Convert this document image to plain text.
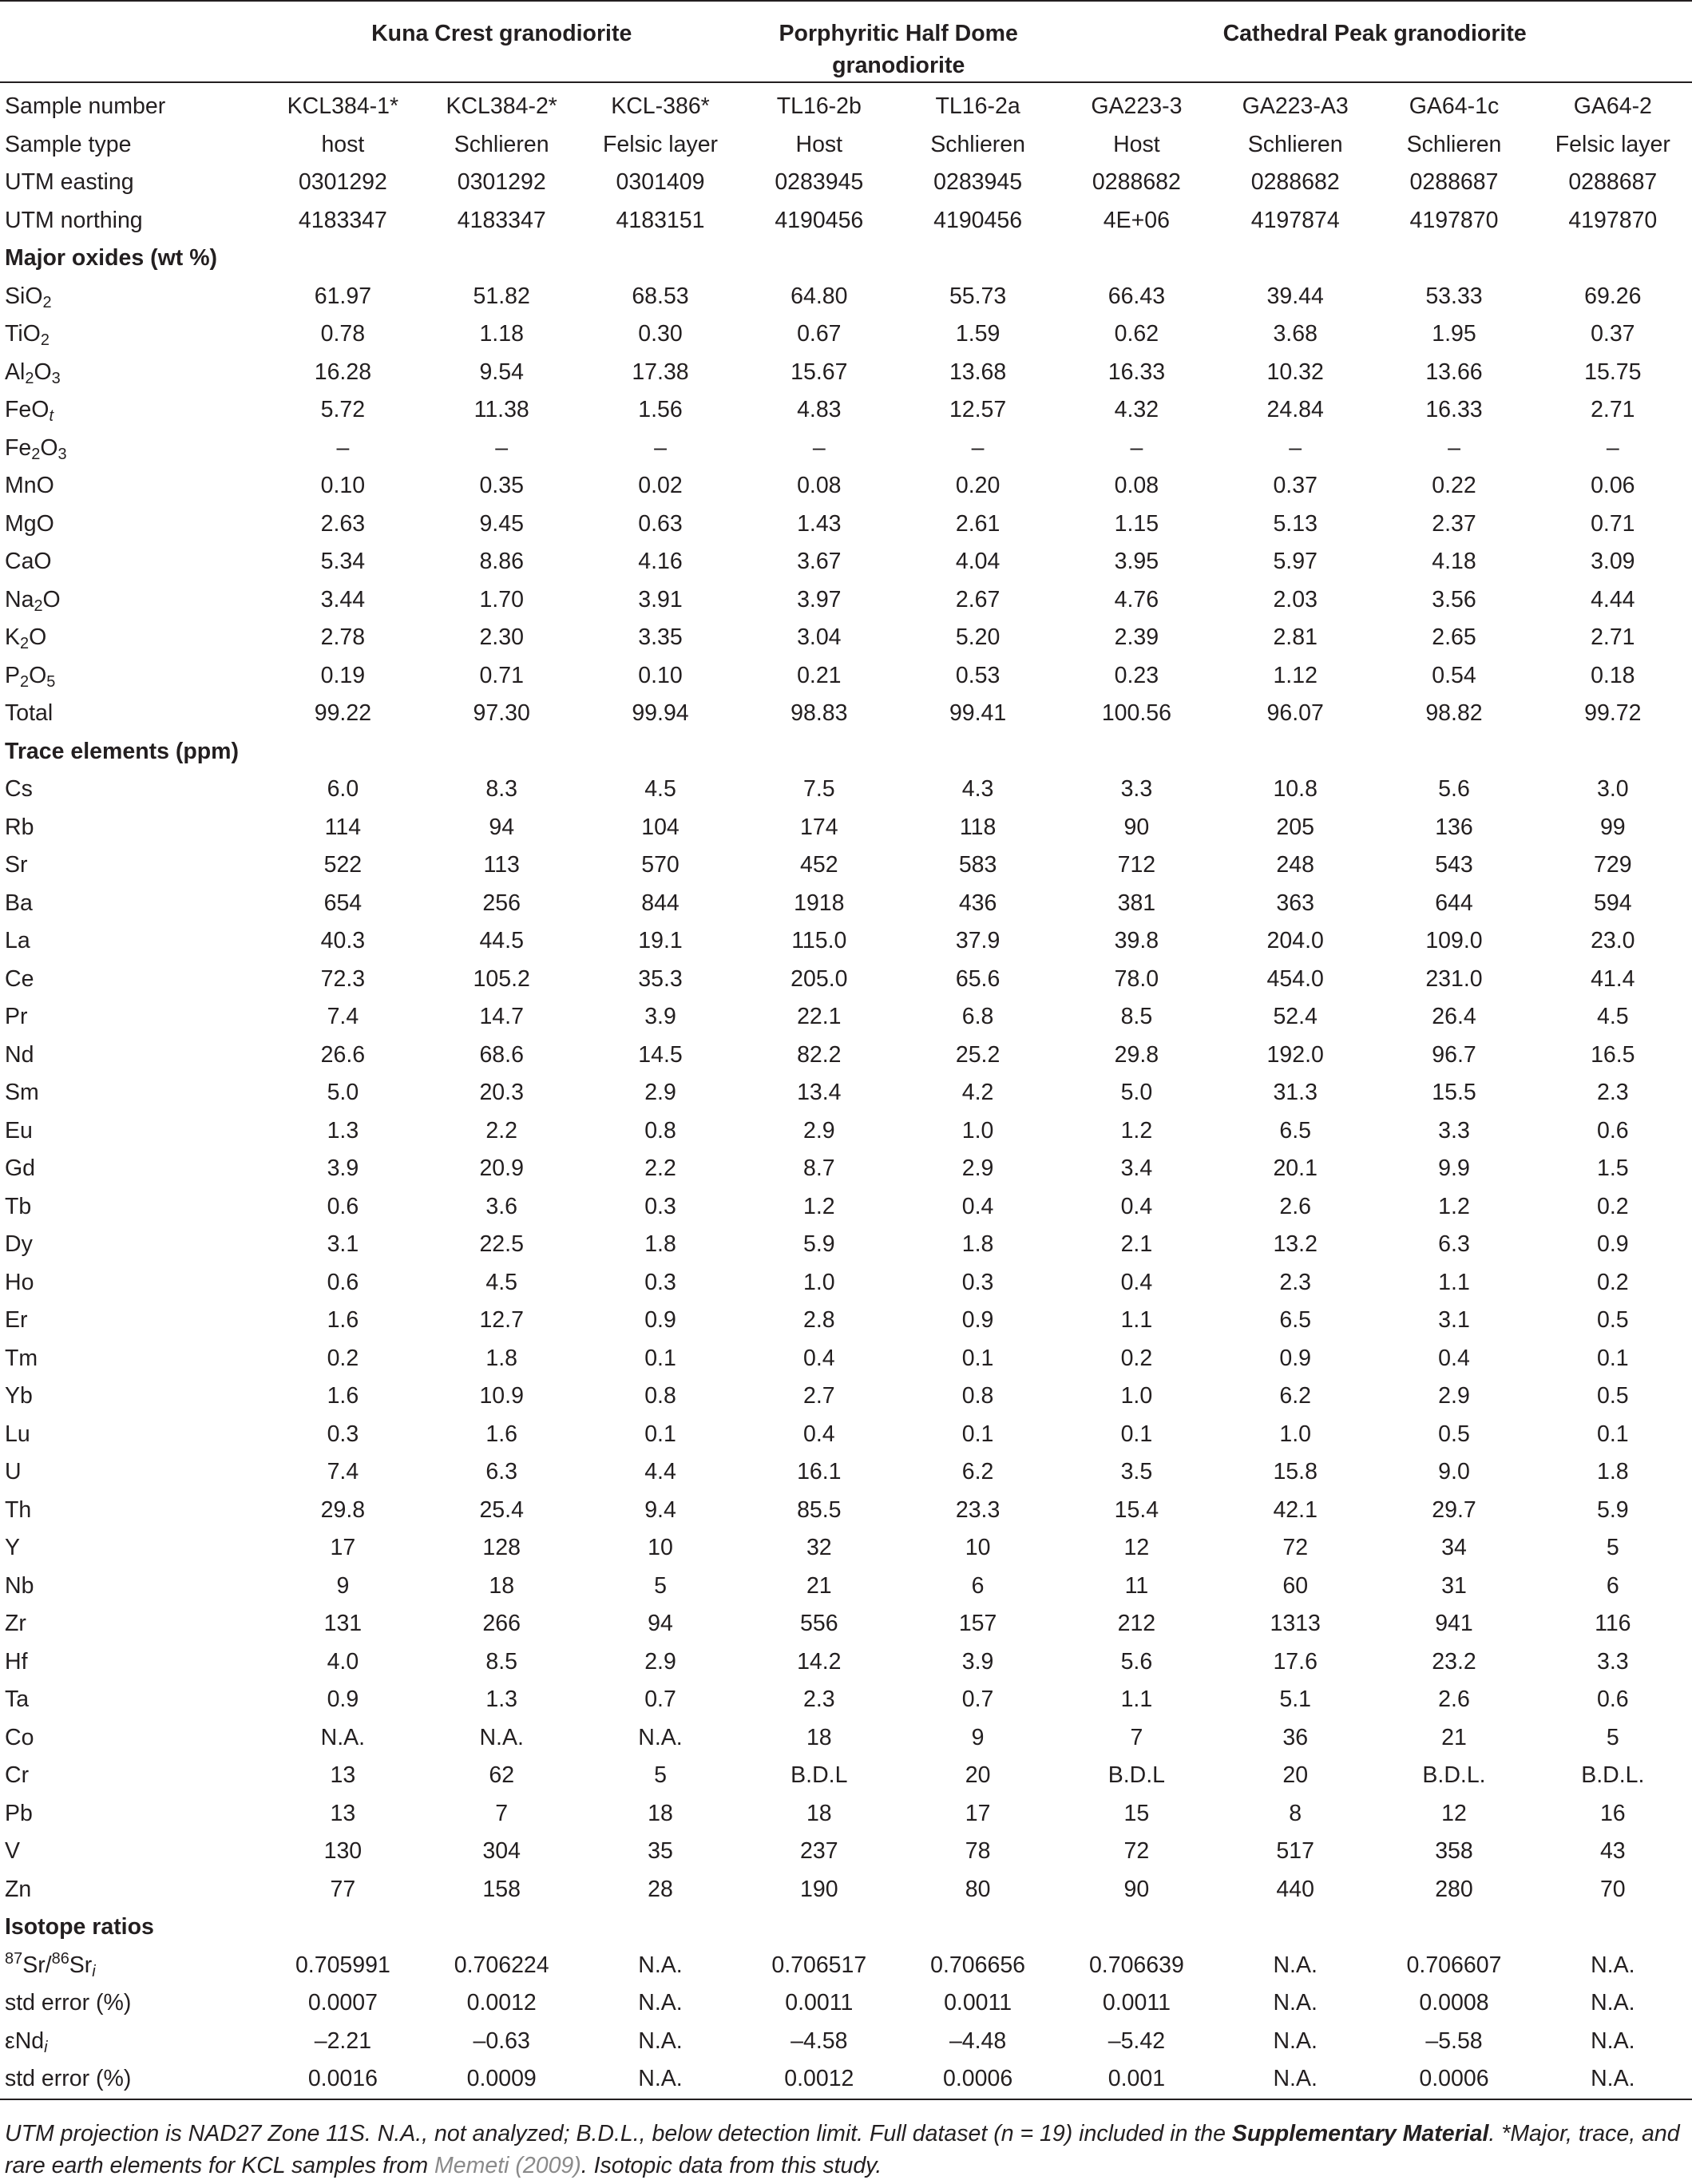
	Kuna Crest granodiorite			Porphyritic Half Dome
granodiorite		Cathedral Peak granodiorite			

Sample number	KCL384-1*	KCL384-2*	KCL-386*	TL16-2b	TL16-2a	GA223-3	GA223-A3	GA64-1c	GA64-2
Sample type	host	Schlieren	Felsic layer	Host	Schlieren	Host	Schlieren	Schlieren	Felsic layer
UTM easting	0301292	0301292	0301409	0283945	0283945	0288682	0288682	0288687	0288687
UTM northing	4183347	4183347	4183151	4190456	4190456	4E+06	4197874	4197870	4197870
Major oxides (wt %)									
SiO$_2$	61.97	51.82	68.53	64.80	55.73	66.43	39.44	53.33	69.26
TiO$_2$	0.78	1.18	0.30	0.67	1.59	0.62	3.68	1.95	0.37
$Al_2O_3$	16.28	9.54	17.38	15.67	13.68	16.33	10.32	13.66	15.75
FeO$_t$	5.72	11.38	1.56	4.83	12.57	4.32	24.84	16.33	2.71
$Fe_2O_3$	–	–	–	–	–	–	–	–	–
MnO	0.10	0.35	0.02	0.08	0.20	0.08	0.37	0.22	0.06
MgO	2.63	9.45	0.63	1.43	2.61	1.15	5.13	2.37	0.71
CaO	5.34	8.86	4.16	3.67	4.04	3.95	5.97	4.18	3.09
$Na_2O$	3.44	1.70	3.91	3.97	2.67	4.76	2.03	3.56	4.44
$K_2O$	2.78	2.30	3.35	3.04	5.20	2.39	2.81	2.65	2.71
$P_2O_5$	0.19	0.71	0.10	0.21	0.53	0.23	1.12	0.54	0.18
Total	99.22	97.30	99.94	98.83	99.41	100.56	96.07	98.82	99.72
Trace elements (ppm)									
Cs	6.0	8.3	4.5	7.5	4.3	3.3	10.8	5.6	3.0
Rb	114	94	104	174	118	90	205	136	99
Sr	522	113	570	452	583	712	248	543	729
Ba	654	256	844	1918	436	381	363	644	594
La	40.3	44.5	19.1	115.0	37.9	39.8	204.0	109.0	23.0
Ce	72.3	105.2	35.3	205.0	65.6	78.0	454.0	231.0	41.4
Pr	7.4	14.7	3.9	22.1	6.8	8.5	52.4	26.4	4.5
Nd	26.6	68.6	14.5	82.2	25.2	29.8	192.0	96.7	16.5
Sm	5.0	20.3	2.9	13.4	4.2	5.0	31.3	15.5	2.3
Eu	1.3	2.2	0.8	2.9	1.0	1.2	6.5	3.3	0.6
Gd	3.9	20.9	2.2	8.7	2.9	3.4	20.1	9.9	1.5
Tb	0.6	3.6	0.3	1.2	0.4	0.4	2.6	1.2	0.2
Dy	3.1	22.5	1.8	5.9	1.8	2.1	13.2	6.3	0.9
Ho	0.6	4.5	0.3	1.0	0.3	0.4	2.3	1.1	0.2
Er	1.6	12.7	0.9	2.8	0.9	1.1	6.5	3.1	0.5
Tm	0.2	1.8	0.1	0.4	0.1	0.2	0.9	0.4	0.1
Yb	1.6	10.9	0.8	2.7	0.8	1.0	6.2	2.9	0.5
Lu	0.3	1.6	0.1	0.4	0.1	0.1	1.0	0.5	0.1
U	7.4	6.3	4.4	16.1	6.2	3.5	15.8	9.0	1.8
Th	29.8	25.4	9.4	85.5	23.3	15.4	42.1	29.7	5.9
Y	17	128	10	32	10	12	72	34	5
Nb	9	18	5	21	6	11	60	31	6
Zr	131	266	94	556	157	212	1313	941	116
Hf	4.0	8.5	2.9	14.2	3.9	5.6	17.6	23.2	3.3
Ta	0.9	1.3	0.7	2.3	0.7	1.1	5.1	2.6	0.6
Co	N.A.	N.A.	N.A.	18	9	7	36	21	5
Cr	13	62	5	B.D.L	20	B.D.L	20	B.D.L.	B.D.L.
Pb	13	7	18	18	17	15	8	12	16
V	130	304	35	237	78	72	517	358	43
Zn	77	158	28	190	80	90	440	280	70
Isotope ratios									
$^{87}Sr/^{86}Sr_i$	0.705991	0.706224	N.A.	0.706517	0.706656	0.706639	N.A.	0.706607	N.A.
std error (%)	0.0007	0.0012	N.A.	0.0011	0.0011	0.0011	N.A.	0.0008	N.A.
εNd$_i$	–2.21	–0.63	N.A.	–4.58	–4.48	–5.42	N.A.	–5.58	N.A.
std error (%)	0.0016	0.0009	N.A.	0.0012	0.0006	0.001	N.A.	0.0006	N.A.
UTM projection is NAD27 Zone 11S. N.A., not analyzed; B.D.L., below detection limit. Full dataset (n = 19) included in the Supplementary Material. *Major, trace, and
rare earth elements for KCL samples from Memeti (2009). Isotopic data from this study.
